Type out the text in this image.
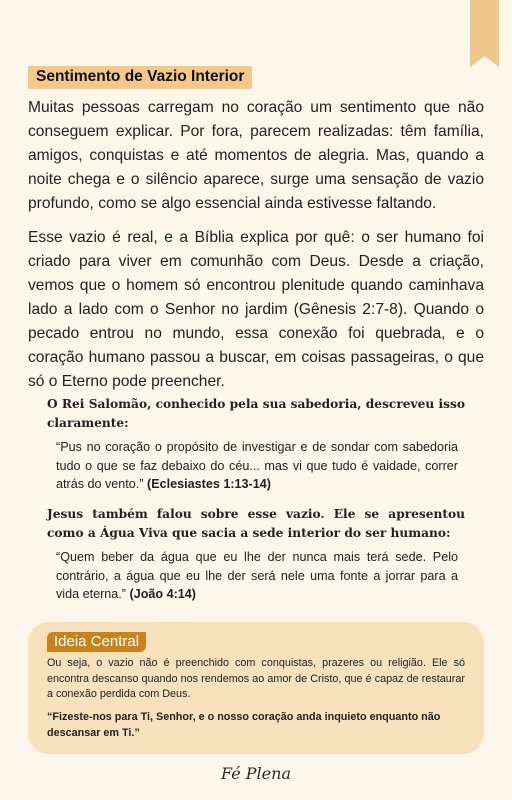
Sentimento de Vazio Interior

Muitas pessoas carregam no coração um sentimento que não conseguem explicar. Por fora, parecem realizadas: têm família, amigos, conquistas e até momentos de alegria. Mas, quando a noite chega e o silêncio aparece, surge uma sensação de vazio profundo, como se algo essencial ainda estivesse faltando.

Esse vazio é real, e a Bíblia explica por quê: o ser humano foi criado para viver em comunhão com Deus. Desde a criação, vemos que o homem só encontrou plenitude quando caminhava lado a lado com o Senhor no jardim (Gênesis 2:7-8). Quando o pecado entrou no mundo, essa conexão foi quebrada, e o coração humano passou a buscar, em coisas passageiras, o que só o Eterno pode preencher.

O Rei Salomão, conhecido pela sua sabedoria, descreveu isso claramente:

“Pus no coração o propósito de investigar e de sondar com sabedoria tudo o que se faz debaixo do céu... mas vi que tudo é vaidade, correr atrás do vento.” (Eclesiastes 1:13-14)

Jesus também falou sobre esse vazio. Ele se apresentou como a Água Viva que sacia a sede interior do ser humano:

“Quem beber da água que eu lhe der nunca mais terá sede. Pelo contrário, a água que eu lhe der será nele uma fonte a jorrar para a vida eterna.” (João 4:14)

Ideia Central

Ou seja, o vazio não é preenchido com conquistas, prazeres ou religião. Ele só encontra descanso quando nos rendemos ao amor de Cristo, que é capaz de restaurar a conexão perdida com Deus.

“Fizeste-nos para Ti, Senhor, e o nosso coração anda inquieto enquanto não descansar em Ti.”

Fé Plena
